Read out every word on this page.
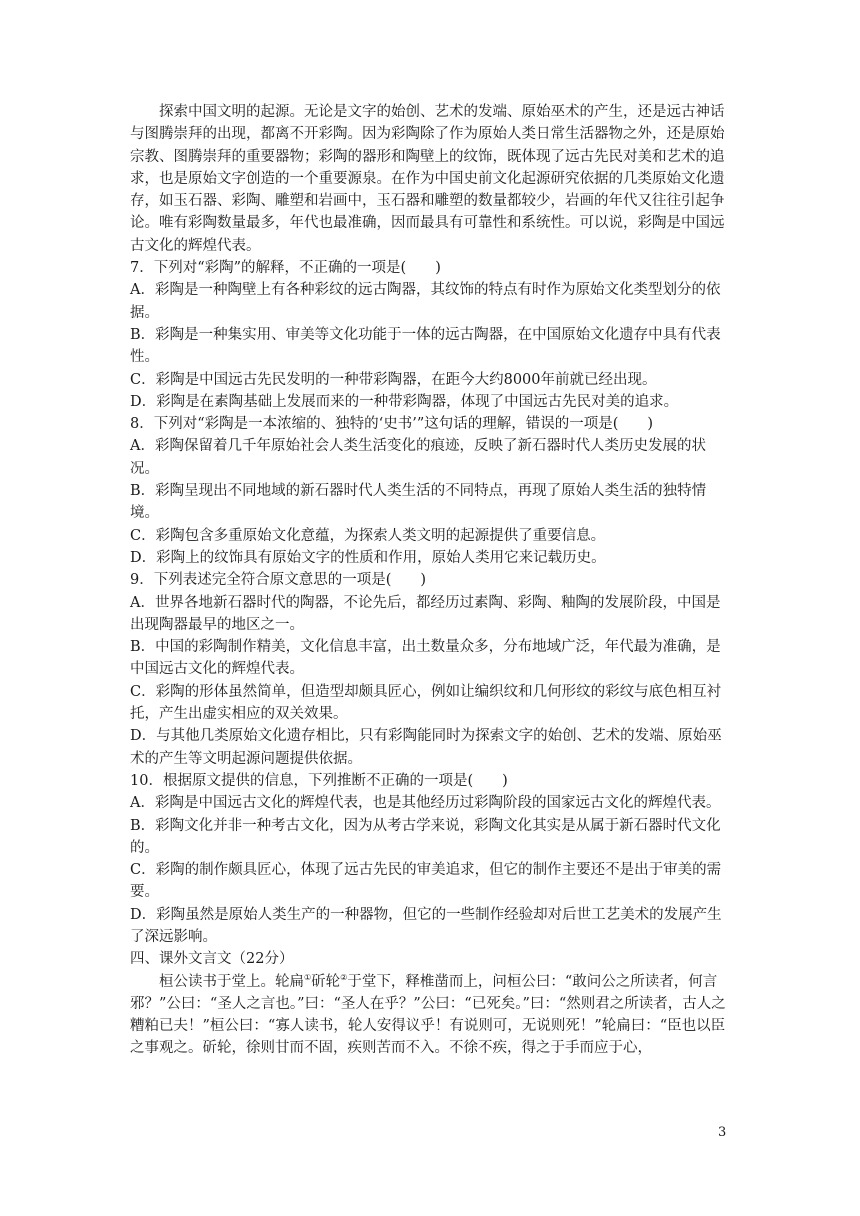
探索中国文明的起源。无论是文字的始创、艺术的发端、原始巫术的产生，还是远古神话与图腾崇拜的出现，都离不开彩陶。因为彩陶除了作为原始人类日常生活器物之外，还是原始宗教、图腾崇拜的重要器物；彩陶的器形和陶壁上的纹饰，既体现了远古先民对美和艺术的追求，也是原始文字创造的一个重要源泉。在作为中国史前文化起源研究依据的几类原始文化遗存，如玉石器、彩陶、雕塑和岩画中，玉石器和雕塑的数量都较少，岩画的年代又往往引起争论。唯有彩陶数量最多，年代也最准确，因而最具有可靠性和系统性。可以说，彩陶是中国远古文化的辉煌代表。

7．下列对“彩陶”的解释，不正确的一项是(　　)

A．彩陶是一种陶壁上有各种彩纹的远古陶器，其纹饰的特点有时作为原始文化类型划分的依据。

B．彩陶是一种集实用、审美等文化功能于一体的远古陶器，在中国原始文化遗存中具有代表性。

C．彩陶是中国远古先民发明的一种带彩陶器，在距今大约8000年前就已经出现。

D．彩陶是在素陶基础上发展而来的一种带彩陶器，体现了中国远古先民对美的追求。

8．下列对“彩陶是一本浓缩的、独特的‘史书’”这句话的理解，错误的一项是(　　)

A．彩陶保留着几千年原始社会人类生活变化的痕迹，反映了新石器时代人类历史发展的状况。

B．彩陶呈现出不同地域的新石器时代人类生活的不同特点，再现了原始人类生活的独特情境。

C．彩陶包含多重原始文化意蕴，为探索人类文明的起源提供了重要信息。

D．彩陶上的纹饰具有原始文字的性质和作用，原始人类用它来记载历史。

9．下列表述完全符合原文意思的一项是(　　)

A．世界各地新石器时代的陶器，不论先后，都经历过素陶、彩陶、釉陶的发展阶段，中国是出现陶器最早的地区之一。

B．中国的彩陶制作精美，文化信息丰富，出土数量众多，分布地域广泛，年代最为准确，是中国远古文化的辉煌代表。

C．彩陶的形体虽然简单，但造型却颇具匠心，例如让编织纹和几何形纹的彩纹与底色相互衬托，产生出虚实相应的双关效果。

D．与其他几类原始文化遗存相比，只有彩陶能同时为探索文字的始创、艺术的发端、原始巫术的产生等文明起源问题提供依据。

10．根据原文提供的信息，下列推断不正确的一项是(　　)

A．彩陶是中国远古文化的辉煌代表，也是其他经历过彩陶阶段的国家远古文化的辉煌代表。

B．彩陶文化并非一种考古文化，因为从考古学来说，彩陶文化其实是从属于新石器时代文化的。

C．彩陶的制作颇具匠心，体现了远古先民的审美追求，但它的制作主要还不是出于审美的需要。

D．彩陶虽然是原始人类生产的一种器物，但它的一些制作经验却对后世工艺美术的发展产生了深远影响。

四、课外文言文（22分）

桓公读书于堂上。轮扁①斫轮②于堂下，释椎凿而上，问桓公曰：“敢问公之所读者，何言邪？”公曰：“圣人之言也。”曰：“圣人在乎？”公曰：“已死矣。”曰：“然则君之所读者，古人之糟粕已夫！”桓公曰：“寡人读书，轮人安得议乎！有说则可，无说则死！”轮扁曰：“臣也以臣之事观之。斫轮，徐则甘而不固，疾则苦而不入。不徐不疾，得之于手而应于心，

3
